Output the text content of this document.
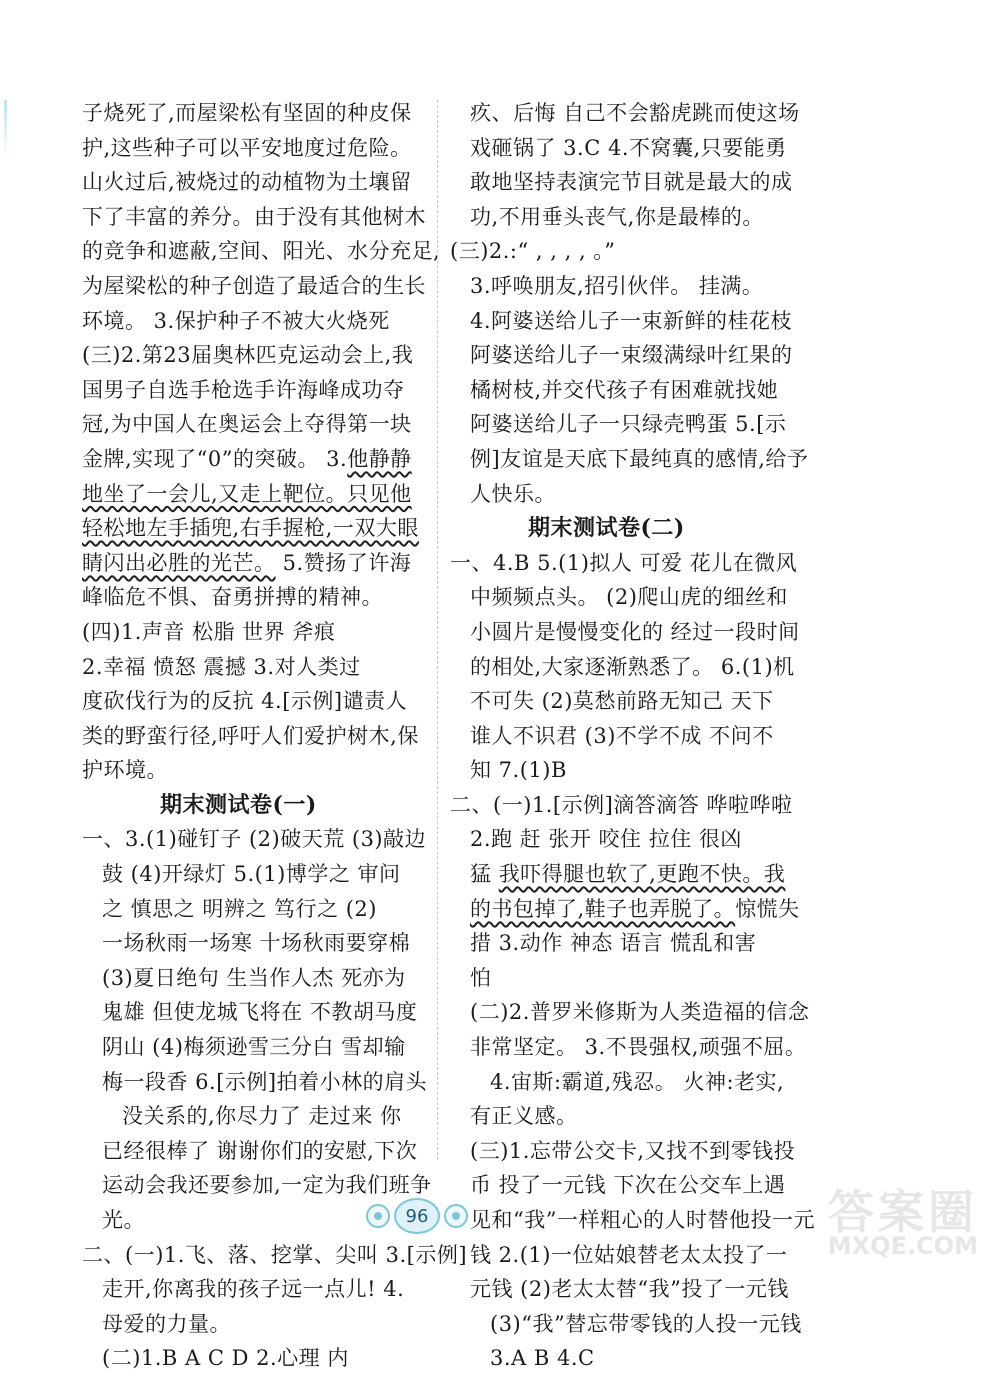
子烧死了,而屋梁松有坚固的种皮保
护,这些种子可以平安地度过危险。
山火过后,被烧过的动植物为土壤留
下了丰富的养分。由于没有其他树木
的竞争和遮蔽,空间、阳光、水分充足,
为屋梁松的种子创造了最适合的生长
环境。 3.保护种子不被大火烧死
(三)2.第23届奥林匹克运动会上,我
国男子自选手枪选手许海峰成功夺
冠,为中国人在奥运会上夺得第一块
金牌,实现了“0”的突破。 3.他静静
地坐了一会儿,又走上靶位。只见他
轻松地左手插兜,右手握枪,一双大眼
睛闪出必胜的光芒。 5.赞扬了许海
峰临危不惧、奋勇拼搏的精神。
(四)1.声音 松脂 世界 斧痕
2.幸福 愤怒 震撼 3.对人类过
度砍伐行为的反抗 4.[示例]谴责人
类的野蛮行径,呼吁人们爱护树木,保
护环境。
期末测试卷(一)
一、3.(1)碰钉子 (2)破天荒 (3)敲边
鼓 (4)开绿灯 5.(1)博学之 审问
之 慎思之 明辨之 笃行之 (2)
一场秋雨一场寒 十场秋雨要穿棉
(3)夏日绝句 生当作人杰 死亦为
鬼雄 但使龙城飞将在 不教胡马度
阴山 (4)梅须逊雪三分白 雪却输
梅一段香 6.[示例]拍着小林的肩头
没关系的,你尽力了 走过来 你
已经很棒了 谢谢你们的安慰,下次
运动会我还要参加,一定为我们班争
光。
二、(一)1.飞、落、挖掌、尖叫 3.[示例]
走开,你离我的孩子远一点儿! 4.
母爱的力量。
(二)1.B A C D 2.心理 内
疚、后悔 自己不会豁虎跳而使这场
戏砸锅了 3.C 4.不窝囊,只要能勇
敢地坚持表演完节目就是最大的成
功,不用垂头丧气,你是最棒的。
(三)2.:“ , , , , 。”
3.呼唤朋友,招引伙伴。 挂满。
4.阿婆送给儿子一束新鲜的桂花枝
阿婆送给儿子一束缀满绿叶红果的
橘树枝,并交代孩子有困难就找她
阿婆送给儿子一只绿壳鸭蛋 5.[示
例]友谊是天底下最纯真的感情,给予
人快乐。
期末测试卷(二)
一、4.B 5.(1)拟人 可爱 花儿在微风
中频频点头。 (2)爬山虎的细丝和
小圆片是慢慢变化的 经过一段时间
的相处,大家逐渐熟悉了。 6.(1)机
不可失 (2)莫愁前路无知己 天下
谁人不识君 (3)不学不成 不问不
知 7.(1)B
二、(一)1.[示例]滴答滴答 哗啦哗啦
2.跑 赶 张开 咬住 拉住 很凶
猛 我吓得腿也软了,更跑不快。我
的书包掉了,鞋子也弄脱了。惊慌失
措 3.动作 神态 语言 慌乱和害
怕
(二)2.普罗米修斯为人类造福的信念
非常坚定。 3.不畏强权,顽强不屈。
4.宙斯:霸道,残忍。 火神:老实,
有正义感。
(三)1.忘带公交卡,又找不到零钱投
币 投了一元钱 下次在公交车上遇
见和“我”一样粗心的人时替他投一元
钱 2.(1)一位姑娘替老太太投了一
元钱 (2)老太太替“我”投了一元钱
(3)“我”替忘带零钱的人投一元钱
3.A B 4.C
96	答案圈
MXQE.COM
